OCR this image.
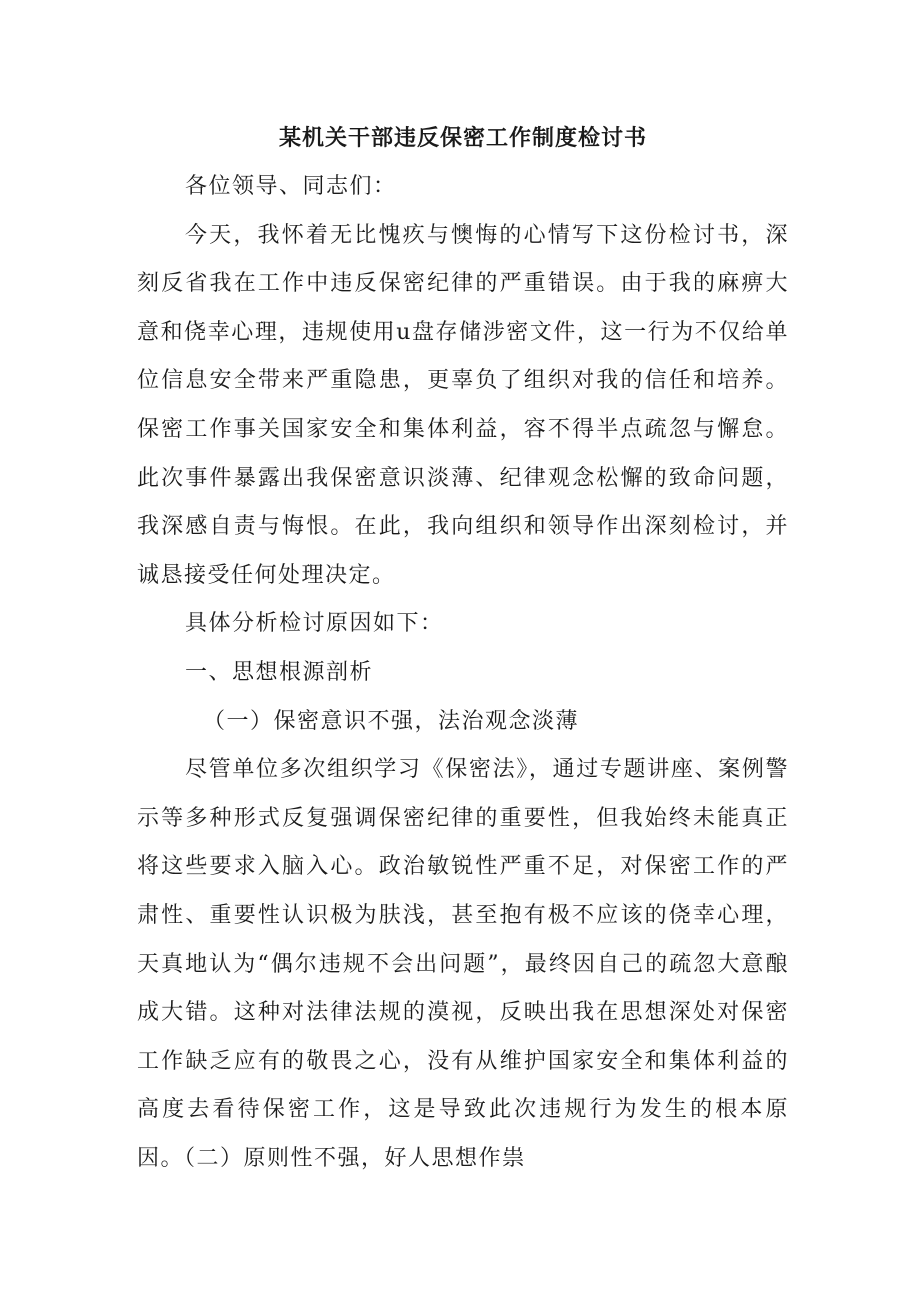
某机关干部违反保密工作制度检讨书

各位领导、同志们：

今天，我怀着无比愧疚与懊悔的心情写下这份检讨书，深刻反省我在工作中违反保密纪律的严重错误。由于我的麻痹大意和侥幸心理，违规使用u盘存储涉密文件，这一行为不仅给单位信息安全带来严重隐患，更辜负了组织对我的信任和培养。保密工作事关国家安全和集体利益，容不得半点疏忽与懈怠。此次事件暴露出我保密意识淡薄、纪律观念松懈的致命问题，我深感自责与悔恨。在此，我向组织和领导作出深刻检讨，并诚恳接受任何处理决定。

具体分析检讨原因如下：

一、思想根源剖析

（一）保密意识不强，法治观念淡薄

尽管单位多次组织学习《保密法》，通过专题讲座、案例警示等多种形式反复强调保密纪律的重要性，但我始终未能真正将这些要求入脑入心。政治敏锐性严重不足，对保密工作的严肃性、重要性认识极为肤浅，甚至抱有极不应该的侥幸心理，天真地认为“偶尔违规不会出问题”，最终因自己的疏忽大意酿成大错。这种对法律法规的漠视，反映出我在思想深处对保密工作缺乏应有的敬畏之心，没有从维护国家安全和集体利益的高度去看待保密工作，这是导致此次违规行为发生的根本原因。（二）原则性不强，好人思想作祟
